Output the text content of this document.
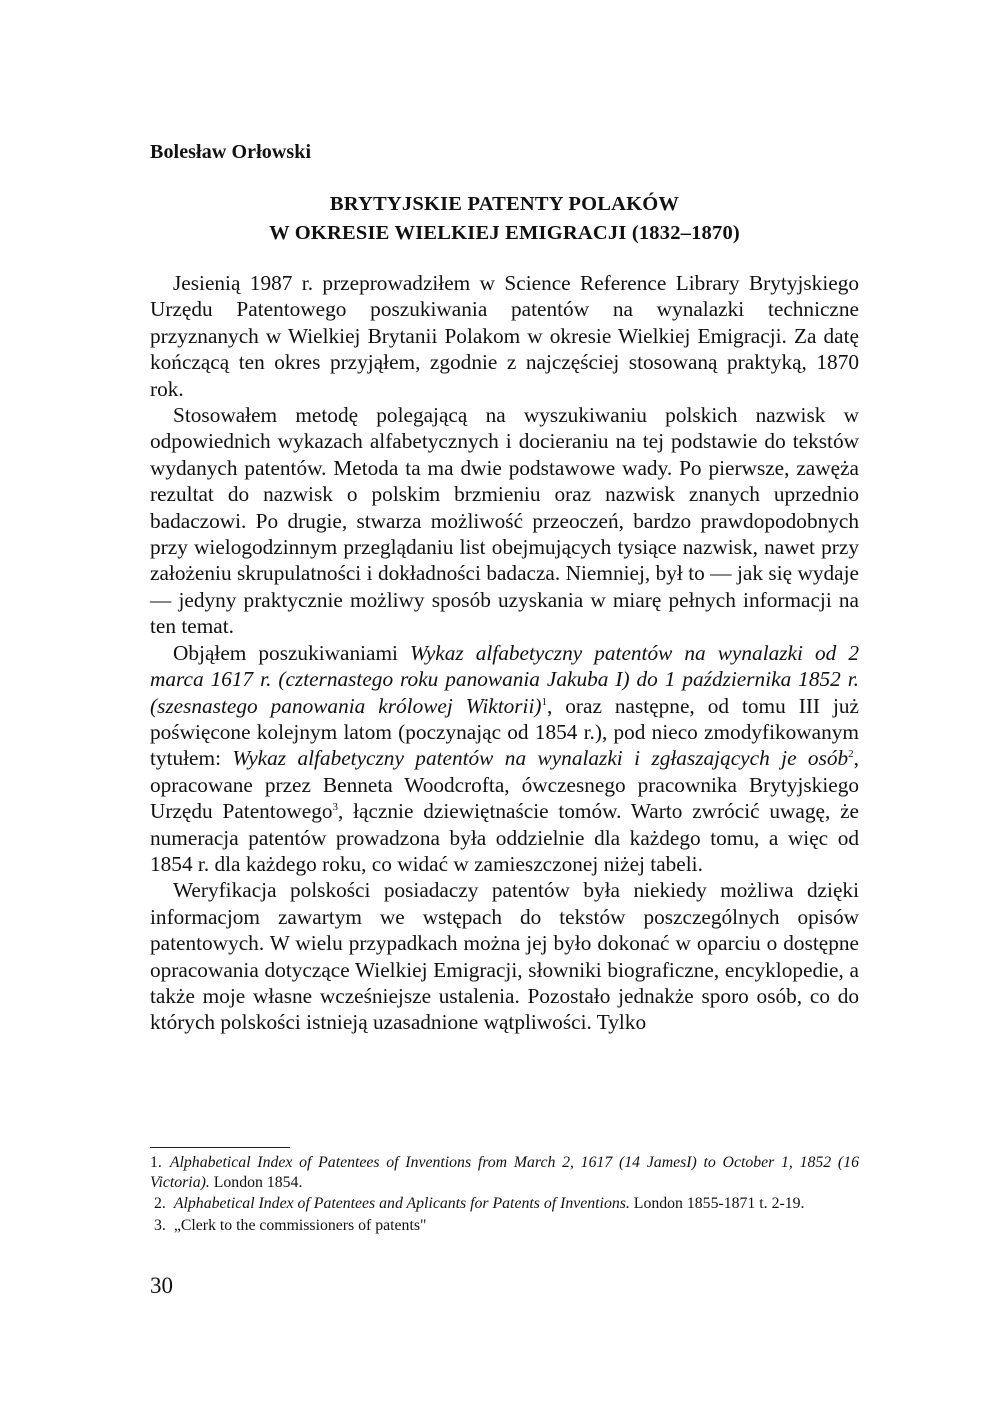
Bolesław Orłowski
BRYTYJSKIE PATENTY POLAKÓW
W OKRESIE WIELKIEJ EMIGRACJI (1832–1870)

Jesienią 1987 r. przeprowadziłem w Science Reference Library Brytyjskiego Urzędu Patentowego poszukiwania patentów na wynalazki techniczne przyznanych w Wielkiej Brytanii Polakom w okresie Wielkiej Emigracji. Za datę kończącą ten okres przyjąłem, zgodnie z najczęściej stosowaną praktyką, 1870 rok.

Stosowałem metodę polegającą na wyszukiwaniu polskich nazwisk w odpowiednich wykazach alfabetycznych i docieraniu na tej podstawie do tekstów wydanych patentów. Metoda ta ma dwie podstawowe wady. Po pierwsze, zawęża rezultat do nazwisk o polskim brzmieniu oraz nazwisk znanych uprzednio badaczowi. Po drugie, stwarza możliwość przeoczeń, bardzo prawdopodobnych przy wielogodzinnym przeglądaniu list obejmujących tysiące nazwisk, nawet przy założeniu skrupulatności i dokładności badacza. Niemniej, był to — jak się wydaje — jedyny praktycznie możliwy sposób uzyskania w miarę pełnych informacji na ten temat.

Objąłem poszukiwaniami Wykaz alfabetyczny patentów na wynalazki od 2 marca 1617 r. (czternastego roku panowania Jakuba I) do 1 października 1852 r. (szesnastego panowania królowej Wiktorii)$^1$, oraz następne, od tomu III już poświęcone kolejnym latom (poczynając od 1854 r.), pod nieco zmodyfikowanym tytułem: Wykaz alfabetyczny patentów na wynalazki i zgłaszających je osób$^2$, opracowane przez Benneta Woodcrofta, ówczesnego pracownika Brytyjskiego Urzędu Patentowego$^3$, łącznie dziewiętnaście tomów. Warto zwrócić uwagę, że numeracja patentów prowadzona była oddzielnie dla każdego tomu, a więc od 1854 r. dla każdego roku, co widać w zamieszczonej niżej tabeli.

Weryfikacja polskości posiadaczy patentów była niekiedy możliwa dzięki informacjom zawartym we wstępach do tekstów poszczególnych opisów patentowych. W wielu przypadkach można jej było dokonać w oparciu o dostępne opracowania dotyczące Wielkiej Emigracji, słowniki biograficzne, encyklopedie, a także moje własne wcześniejsze ustalenia. Pozostało jednakże sporo osób, co do których polskości istnieją uzasadnione wątpliwości. Tylko

1. Alphabetical Index of Patentees of Inventions from March 2, 1617 (14 JamesI) to October 1, 1852 (16 Victoria). London 1854.
2. Alphabetical Index of Patentees and Aplicants for Patents of Inventions. London 1855-1871 t. 2-19.
3. „Clerk to the commissioners of patents"
30
